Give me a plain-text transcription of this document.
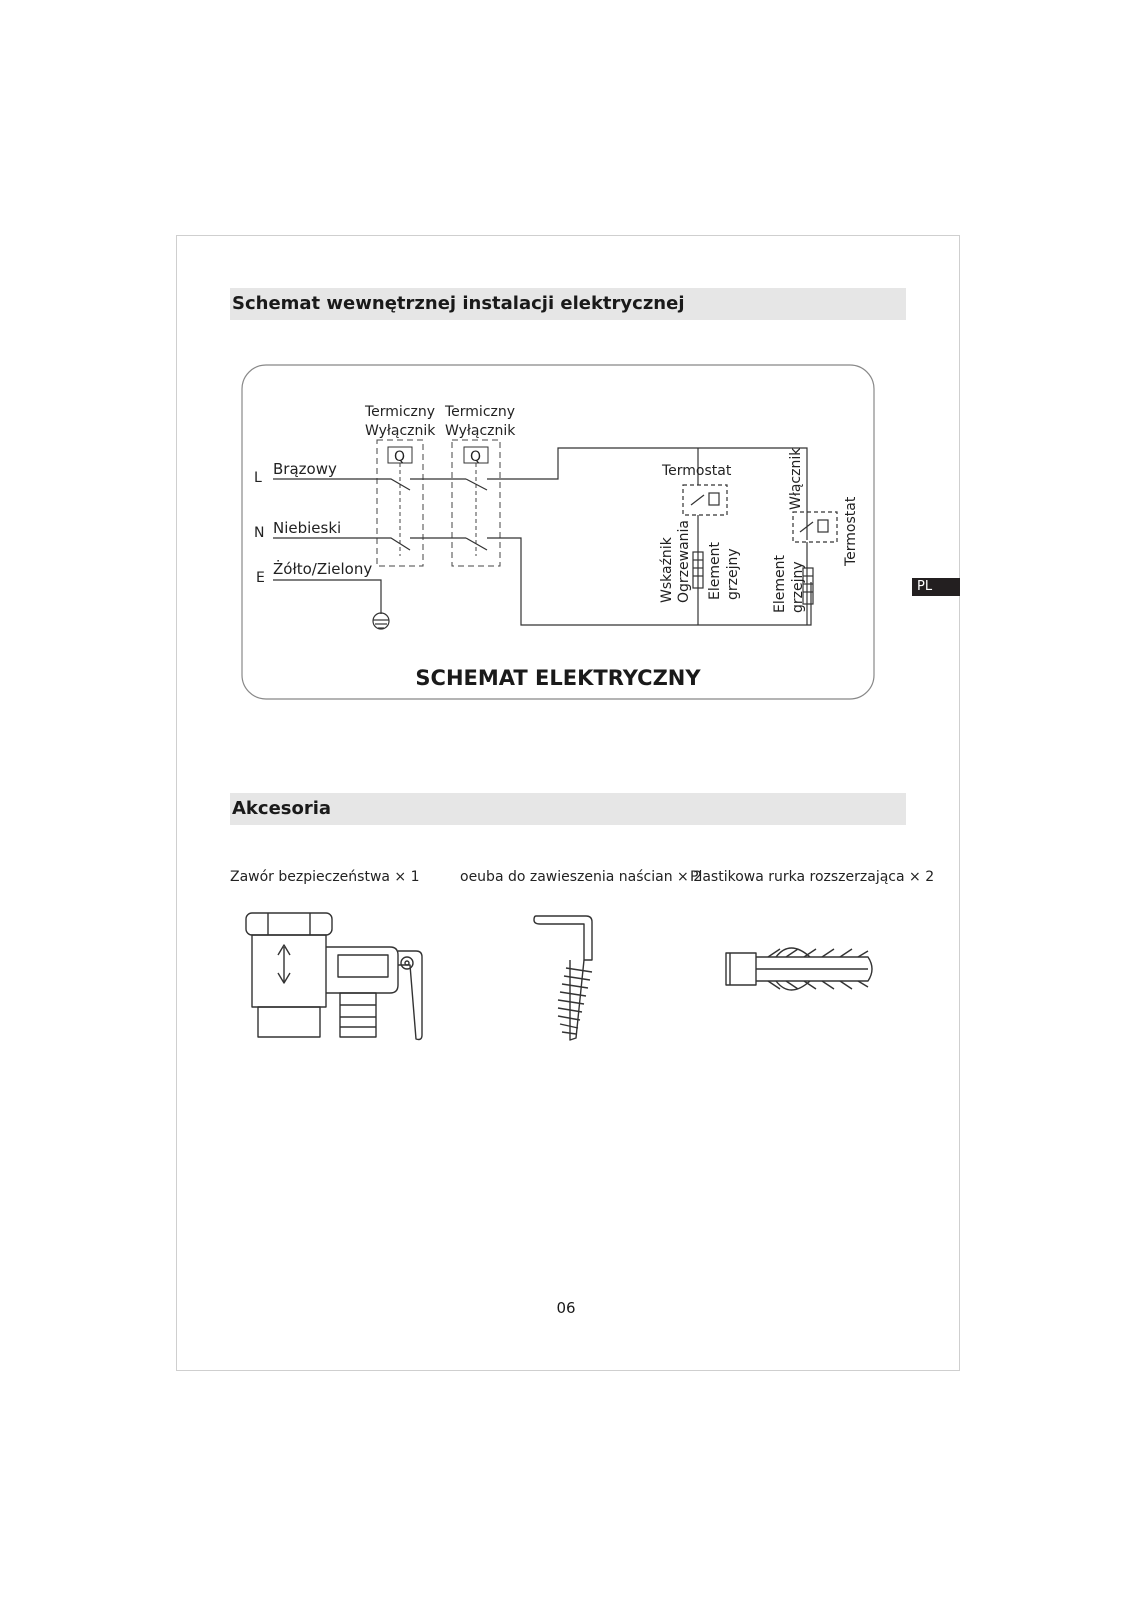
Schemat wewnętrznej instalacji elektrycznej
PL
Termiczny
Wyłącznik
Termiczny
Wyłącznik
Q	Q
L
N
E
Brązowy
Niebieski
Żółto/Zielony
Termostat	Włącznik
Termostat
Wskaźnik Ogrzewania Element grzejny Element grzejny
SCHEMAT ELEKTRYCZNY
Akcesoria
Zawór bezpieczeństwa × 1	oeuba do zawieszenia naścian × 2
Plastikowa rurka rozszerzająca × 2
06
